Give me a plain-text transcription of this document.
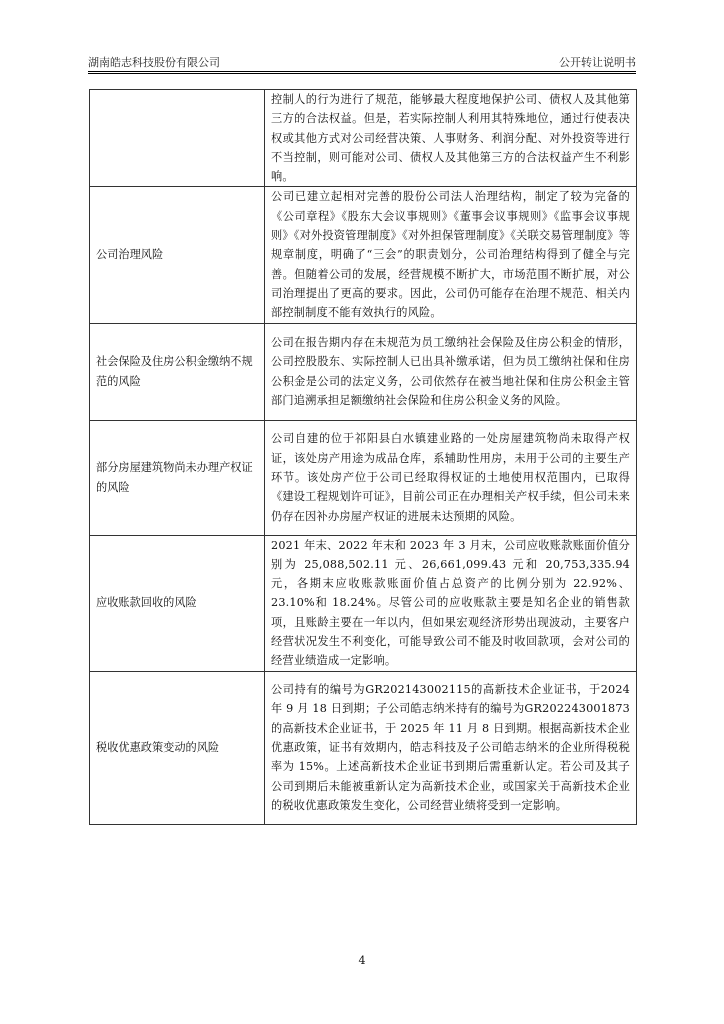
湖南皓志科技股份有限公司	公开转让说明书
	控制人的行为进行了规范，能够最大程度地保护公司、债权人及其他第三方的合法权益。但是，若实际控制人利用其特殊地位，通过行使表决权或其他方式对公司经营决策、人事财务、利润分配、对外投资等进行不当控制，则可能对公司、债权人及其他第三方的合法权益产生不利影响。
公司治理风险	公司已建立起相对完善的股份公司法人治理结构，制定了较为完备的《公司章程》《股东大会议事规则》《董事会议事规则》《监事会议事规则》《对外投资管理制度》《对外担保管理制度》《关联交易管理制度》等规章制度，明确了“三会”的职责划分，公司治理结构得到了健全与完善。但随着公司的发展，经营规模不断扩大，市场范围不断扩展，对公司治理提出了更高的要求。因此，公司仍可能存在治理不规范、相关内部控制制度不能有效执行的风险。
社会保险及住房公积金缴纳不规范的风险	公司在报告期内存在未规范为员工缴纳社会保险及住房公积金的情形，公司控股股东、实际控制人已出具补缴承诺，但为员工缴纳社保和住房公积金是公司的法定义务，公司依然存在被当地社保和住房公积金主管部门追溯承担足额缴纳社会保险和住房公积金义务的风险。
部分房屋建筑物尚未办理产权证的风险	公司自建的位于祁阳县白水镇建业路的一处房屋建筑物尚未取得产权证，该处房产用途为成品仓库，系辅助性用房，未用于公司的主要生产环节。该处房产位于公司已经取得权证的土地使用权范围内，已取得《建设工程规划许可证》，目前公司正在办理相关产权手续，但公司未来仍存在因补办房屋产权证的进展未达预期的风险。
应收账款回收的风险	2021 年末、2022 年末和 2023 年 3 月末，公司应收账款账面价值分别为 25,088,502.11 元、26,661,099.43 元和 20,753,335.94 元，各期末应收账款账面价值占总资产的比例分别为 22.92%、23.10%和 18.24%。尽管公司的应收账款主要是知名企业的销售款项，且账龄主要在一年以内，但如果宏观经济形势出现波动，主要客户经营状况发生不利变化，可能导致公司不能及时收回款项，会对公司的经营业绩造成一定影响。
税收优惠政策变动的风险	公司持有的编号为GR202143002115的高新技术企业证书，于2024年 9 月 18 日到期；子公司皓志纳米持有的编号为GR202243001873的高新技术企业证书，于 2025 年 11 月 8 日到期。根据高新技术企业优惠政策，证书有效期内，皓志科技及子公司皓志纳米的企业所得税税率为 15%。上述高新技术企业证书到期后需重新认定。若公司及其子公司到期后未能被重新认定为高新技术企业，或国家关于高新技术企业的税收优惠政策发生变化，公司经营业绩将受到一定影响。
4
